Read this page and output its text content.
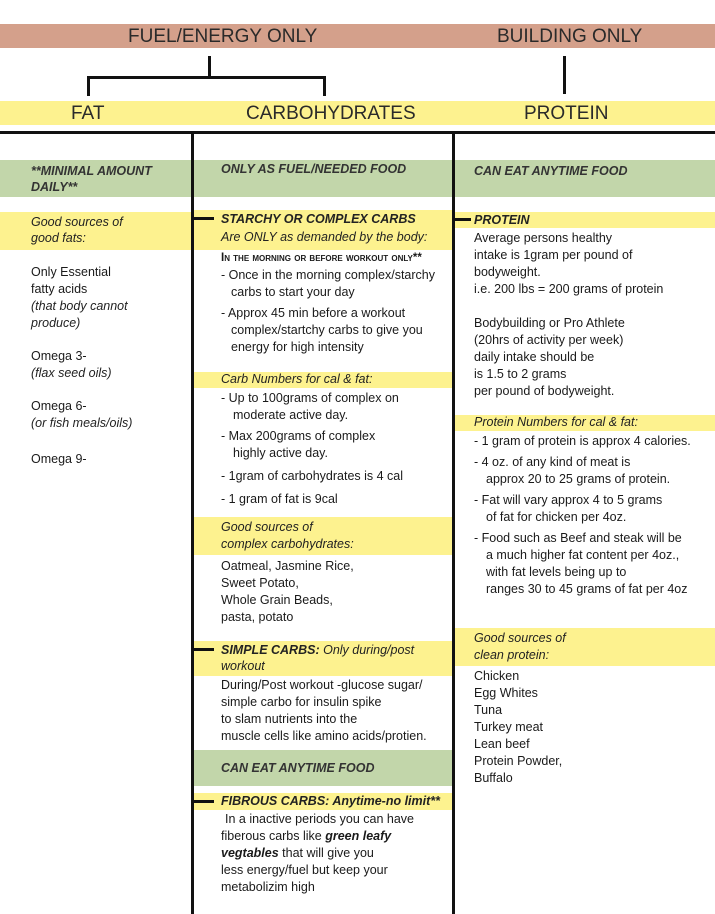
FUEL/ENERGY ONLY	BUILDING ONLY
FAT	CARBOHYDRATES	PROTEIN
**MINIMAL AMOUNT DAILY**
Good sources of good fats:

Only Essential

fatty acids

(that body cannot

produce)

Omega 3-

(flax seed oils)

Omega 6-

(or fish meals/oils)

Omega 9-
ONLY AS FUEL/NEEDED FOOD
STARCHY OR COMPLEX CARBS
Are ONLY as demanded by the body:

In the morning or before workout only**

- Once in the morning complex/starchy

carbs to start your day

- Approx 45 min before a workout

complex/startchy carbs to give you

energy for high intensity

Carb Numbers for cal & fat:

- Up to 100grams of complex on

moderate active day.

- Max 200grams of complex

highly active day.

- 1gram of carbohydrates is 4 cal

- 1 gram of fat is 9cal

Good sources of

complex carbohydrates:

Oatmeal, Jasmine Rice,

Sweet Potato,

Whole Grain Beads,

pasta, potato

SIMPLE CARBS: Only during/post
workout

During/Post workout -glucose sugar/

simple carbo for insulin spike

to slam nutrients into the

muscle cells like amino acids/protien.

CAN EAT ANYTIME FOOD
FIBROUS CARBS: Anytime-no limit**

In a inactive periods you can have

fiberous carbs like green leafy

vegtables that will give you

less energy/fuel but keep your

metabolizim high

CAN EAT ANYTIME FOOD
PROTEIN

Average persons healthy

intake is 1gram per pound of

bodyweight.

i.e. 200 lbs = 200 grams of protein

Bodybuilding or Pro Athlete

(20hrs of activity per week)

daily intake should be

is 1.5 to 2 grams

per pound of bodyweight.

Protein Numbers for cal & fat:

- 1 gram of protein is approx 4 calories.

- 4 oz. of any kind of meat is

approx 20 to 25 grams of protein.

- Fat will vary approx 4 to 5 grams

of fat for chicken per 4oz.

- Food such as Beef and steak will be

a much higher fat content per 4oz.,

with fat levels being up to

ranges 30 to 45 grams of fat per 4oz

Good sources of

clean protein:

Chicken

Egg Whites

Tuna

Turkey meat

Lean beef

Protein Powder,

Buffalo
